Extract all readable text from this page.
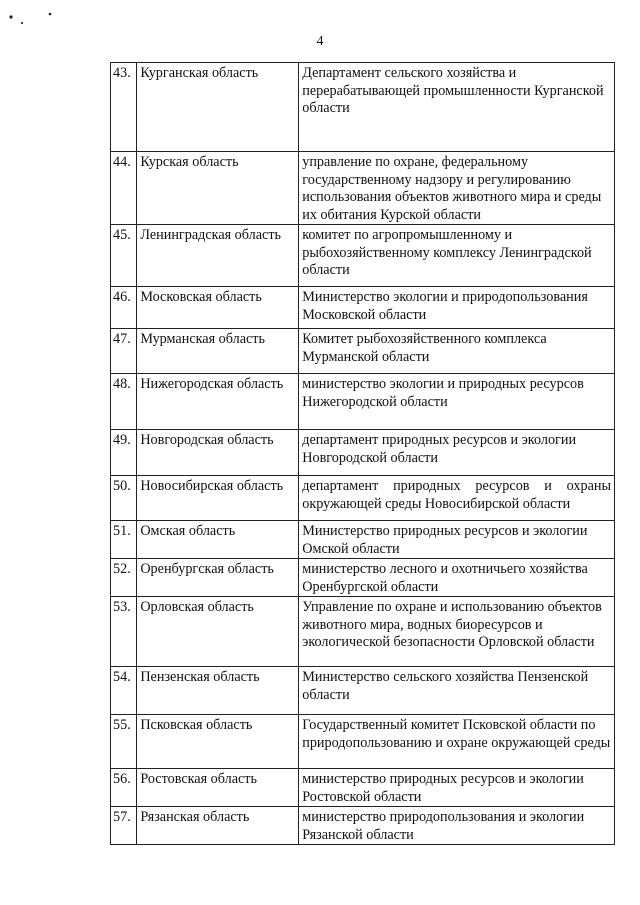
4
43.	Курганская область	Департамент сельского хозяйства и перерабатывающей промышленности Курганской области
44.	Курская область	управление по охране, федеральному государственному надзору и регулированию использования объектов животного мира и среды их обитания Курской области
45.	Ленинградская область	комитет по агропромышленному и рыбохозяйственному комплексу Ленинградской области
46.	Московская область	Министерство экологии и природопользования Московской области
47.	Мурманская область	Комитет рыбохозяйственного комплекса Мурманской области
48.	Нижегородская область	министерство экологии и природных ресурсов Нижегородской области
49.	Новгородская область	департамент природных ресурсов и экологии Новгородской области
50.	Новосибирская область	департамент природных ресурсов и охраны окружающей среды Новосибирской области
51.	Омская область	Министерство природных ресурсов и экологии Омской области
52.	Оренбургская область	министерство лесного и охотничьего хозяйства Оренбургской области
53.	Орловская область	Управление по охране и использованию объектов животного мира, водных биоресурсов и экологической безопасности Орловской области
54.	Пензенская область	Министерство сельского хозяйства Пензенской области
55.	Псковская область	Государственный комитет Псковской области по природопользованию и охране окружающей среды
56.	Ростовская область	министерство природных ресурсов и экологии Ростовской области
57.	Рязанская область	министерство природопользования и экологии Рязанской области
